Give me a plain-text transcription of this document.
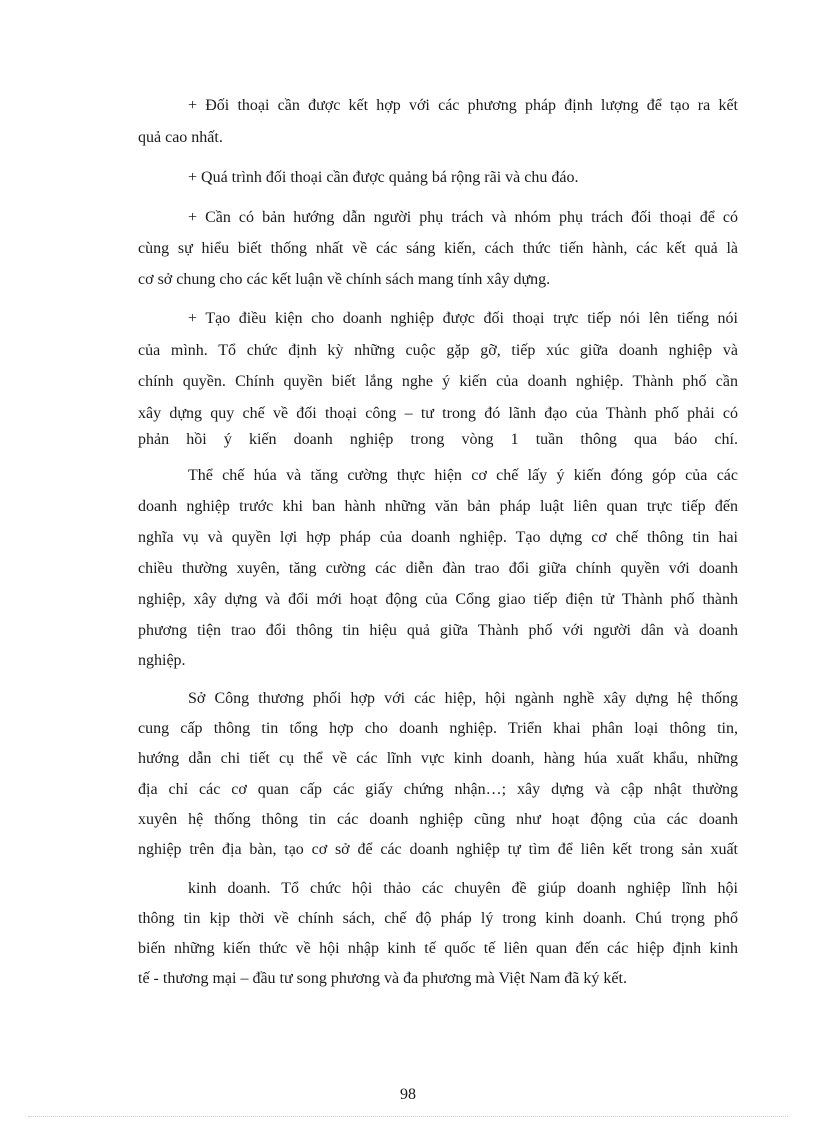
+ Đối thoại cần được kết hợp với các phương pháp định lượng để tạo ra kết
quả cao nhất.
+ Quá trình đối thoại cần được quảng bá rộng rãi và chu đáo.
+ Cần có bản hướng dẫn người phụ trách và nhóm phụ trách đối thoại để có
cùng sự hiểu biết thống nhất về các sáng kiến, cách thức tiến hành, các kết quả là
cơ sở chung cho các kết luận về chính sách mang tính xây dựng.
+ Tạo điều kiện cho doanh nghiệp được đối thoại trực tiếp nói lên tiếng nói
của mình. Tổ chức định kỳ những cuộc gặp gỡ, tiếp xúc giữa doanh nghiệp và
chính quyền. Chính quyền biết lắng nghe ý kiến của doanh nghiệp. Thành phố cần
xây dựng quy chế về đối thoại công – tư trong đó lãnh đạo của Thành phố phải có
phản hồi ý kiến doanh nghiệp trong vòng 1 tuần thông qua báo chí.
Thể chế húa và tăng cường thực hiện cơ chế lấy ý kiến đóng góp của các
doanh nghiệp trước khi ban hành những văn bản pháp luật liên quan trực tiếp đến
nghĩa vụ và quyền lợi hợp pháp của doanh nghiệp. Tạo dựng cơ chế thông tin hai
chiều thường xuyên, tăng cường các diễn đàn trao đổi giữa chính quyền với doanh
nghiệp, xây dựng và đổi mới hoạt động của Cổng giao tiếp điện tử Thành phố thành
phương tiện trao đổi thông tin hiệu quả giữa Thành phố với người dân và doanh
nghiệp.
Sở Công thương phối hợp với các hiệp, hội ngành nghề xây dựng hệ thống
cung cấp thông tin tổng hợp cho doanh nghiệp. Triển khai phân loại thông tin,
hướng dẫn chi tiết cụ thể về các lĩnh vực kinh doanh, hàng húa xuất khẩu, những
địa chỉ các cơ quan cấp các giấy chứng nhận…; xây dựng và cập nhật thường
xuyên hệ thống thông tin các doanh nghiệp cũng như hoạt động của các doanh
nghiệp trên địa bàn, tạo cơ sở để các doanh nghiệp tự tìm để liên kết trong sản xuất
kinh doanh. Tổ chức hội thảo các chuyên đề giúp doanh nghiệp lĩnh hội
thông tin kịp thời về chính sách, chế độ pháp lý trong kinh doanh. Chú trọng phổ
biến những kiến thức về hội nhập kinh tế quốc tế liên quan đến các hiệp định kinh
tế - thương mại – đầu tư song phương và đa phương mà Việt Nam đã ký kết.
98
